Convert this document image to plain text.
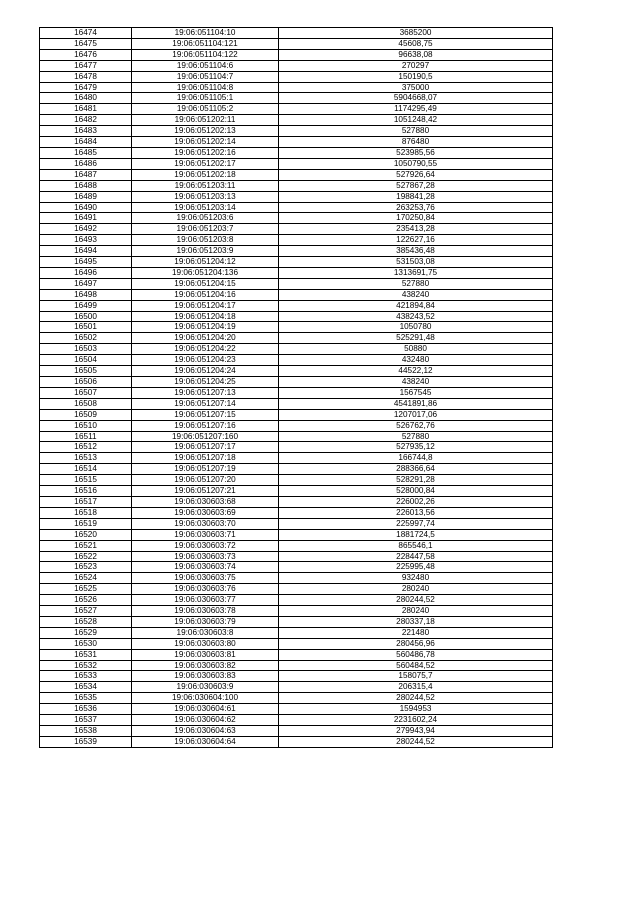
16474	19:06:051104:10	3685200
16475	19:06:051104:121	45608,75
16476	19:06:051104:122	96638,08
16477	19:06:051104:6	270297
16478	19:06:051104:7	150190,5
16479	19:06:051104:8	375000
16480	19:06:051105:1	5904668,07
16481	19:06:051105:2	1174295,49
16482	19:06:051202:11	1051248,42
16483	19:06:051202:13	527880
16484	19:06:051202:14	876480
16485	19:06:051202:16	523985,56
16486	19:06:051202:17	1050790,55
16487	19:06:051202:18	527926,64
16488	19:06:051203:11	527867,28
16489	19:06:051203:13	198841,28
16490	19:06:051203:14	263253,76
16491	19:06:051203:6	170250,84
16492	19:06:051203:7	235413,28
16493	19:06:051203:8	122627,16
16494	19:06:051203:9	385436,48
16495	19:06:051204:12	531503,08
16496	19:06:051204:136	1313691,75
16497	19:06:051204:15	527880
16498	19:06:051204:16	438240
16499	19:06:051204:17	421894,84
16500	19:06:051204:18	438243,52
16501	19:06:051204:19	1050780
16502	19:06:051204:20	525291,48
16503	19:06:051204:22	50880
16504	19:06:051204:23	432480
16505	19:06:051204:24	44522,12
16506	19:06:051204:25	438240
16507	19:06:051207:13	1567545
16508	19:06:051207:14	4541891,86
16509	19:06:051207:15	1207017,06
16510	19:06:051207:16	526762,76
16511	19:06:051207:160	527880
16512	19:06:051207:17	527935,12
16513	19:06:051207:18	166744,8
16514	19:06:051207:19	288366,64
16515	19:06:051207:20	528291,28
16516	19:06:051207:21	528000,84
16517	19:06:030603:68	226002,26
16518	19:06:030603:69	226013,56
16519	19:06:030603:70	225997,74
16520	19:06:030603:71	1881724,5
16521	19:06:030603:72	865546,1
16522	19:06:030603:73	228447,58
16523	19:06:030603:74	225995,48
16524	19:06:030603:75	932480
16525	19:06:030603:76	280240
16526	19:06:030603:77	280244,52
16527	19:06:030603:78	280240
16528	19:06:030603:79	280337,18
16529	19:06:030603:8	221480
16530	19:06:030603:80	280456,96
16531	19:06:030603:81	560486,78
16532	19:06:030603:82	560484,52
16533	19:06:030603:83	158075,7
16534	19:06:030603:9	206315,4
16535	19:06:030604:100	280244,52
16536	19:06:030604:61	1594953
16537	19:06:030604:62	2231602,24
16538	19:06:030604:63	279943,94
16539	19:06:030604:64	280244,52
